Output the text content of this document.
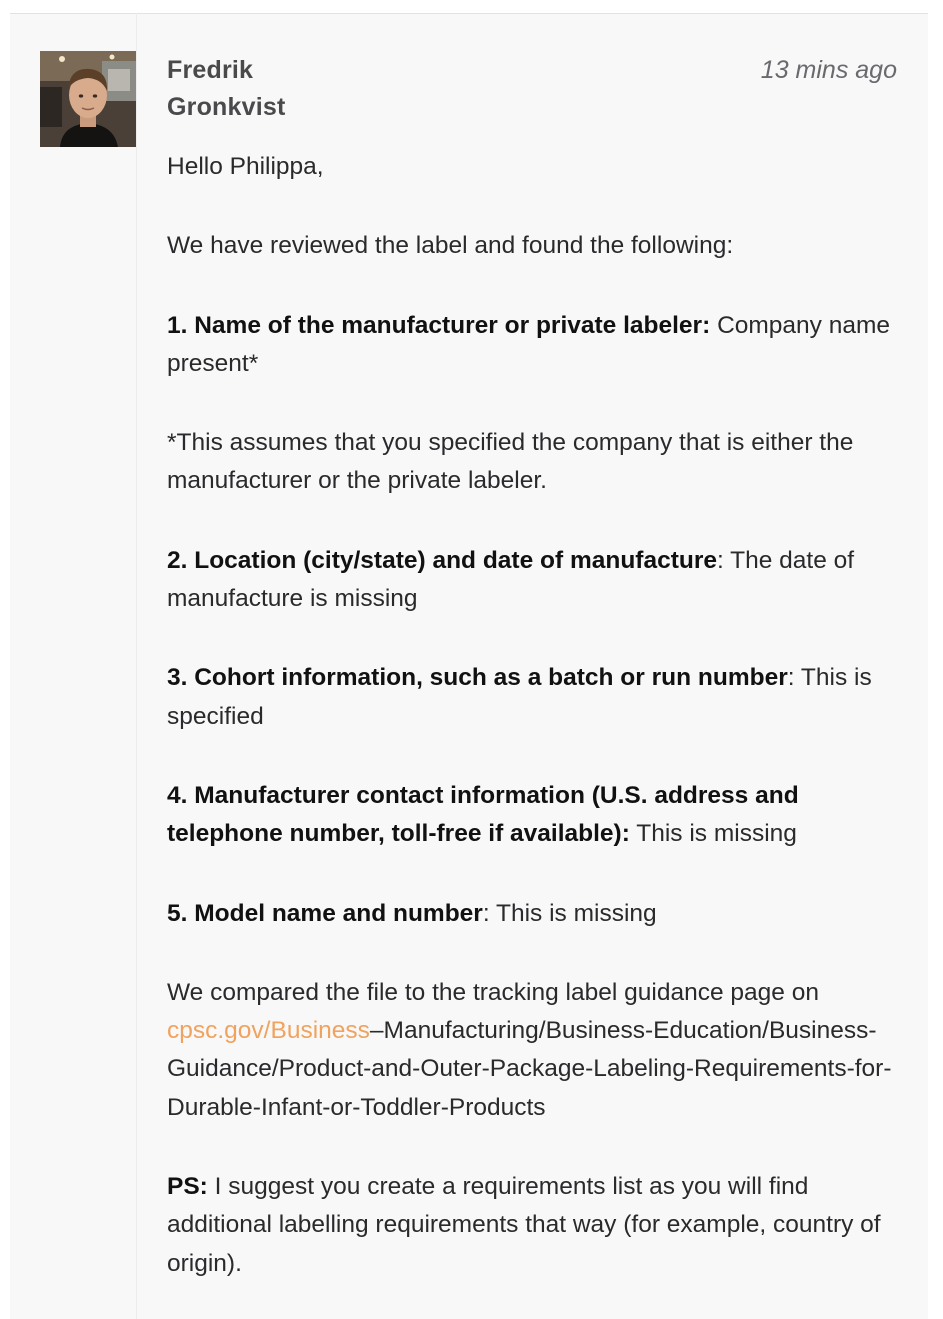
Fredrik
Gronkvist
13 mins ago

Hello Philippa,

We have reviewed the label and found the following:

1. Name of the manufacturer or private labeler: Company name present*

*This assumes that you specified the company that is either the manufacturer or the private labeler.

2. Location (city/state) and date of manufacture: The date of manufacture is missing

3. Cohort information, such as a batch or run number: This is specified

4. Manufacturer contact information (U.S. address and telephone number, toll-free if available): This is missing

5. Model name and number: This is missing

We compared the file to the tracking label guidance page on cpsc.gov/Business–Manufacturing/Business-Education/Business-Guidance/Product-and-Outer-Package-Labeling-Requirements-for-Durable-Infant-or-Toddler-Products

PS: I suggest you create a requirements list as you will find additional labelling requirements that way (for example, country of origin).
